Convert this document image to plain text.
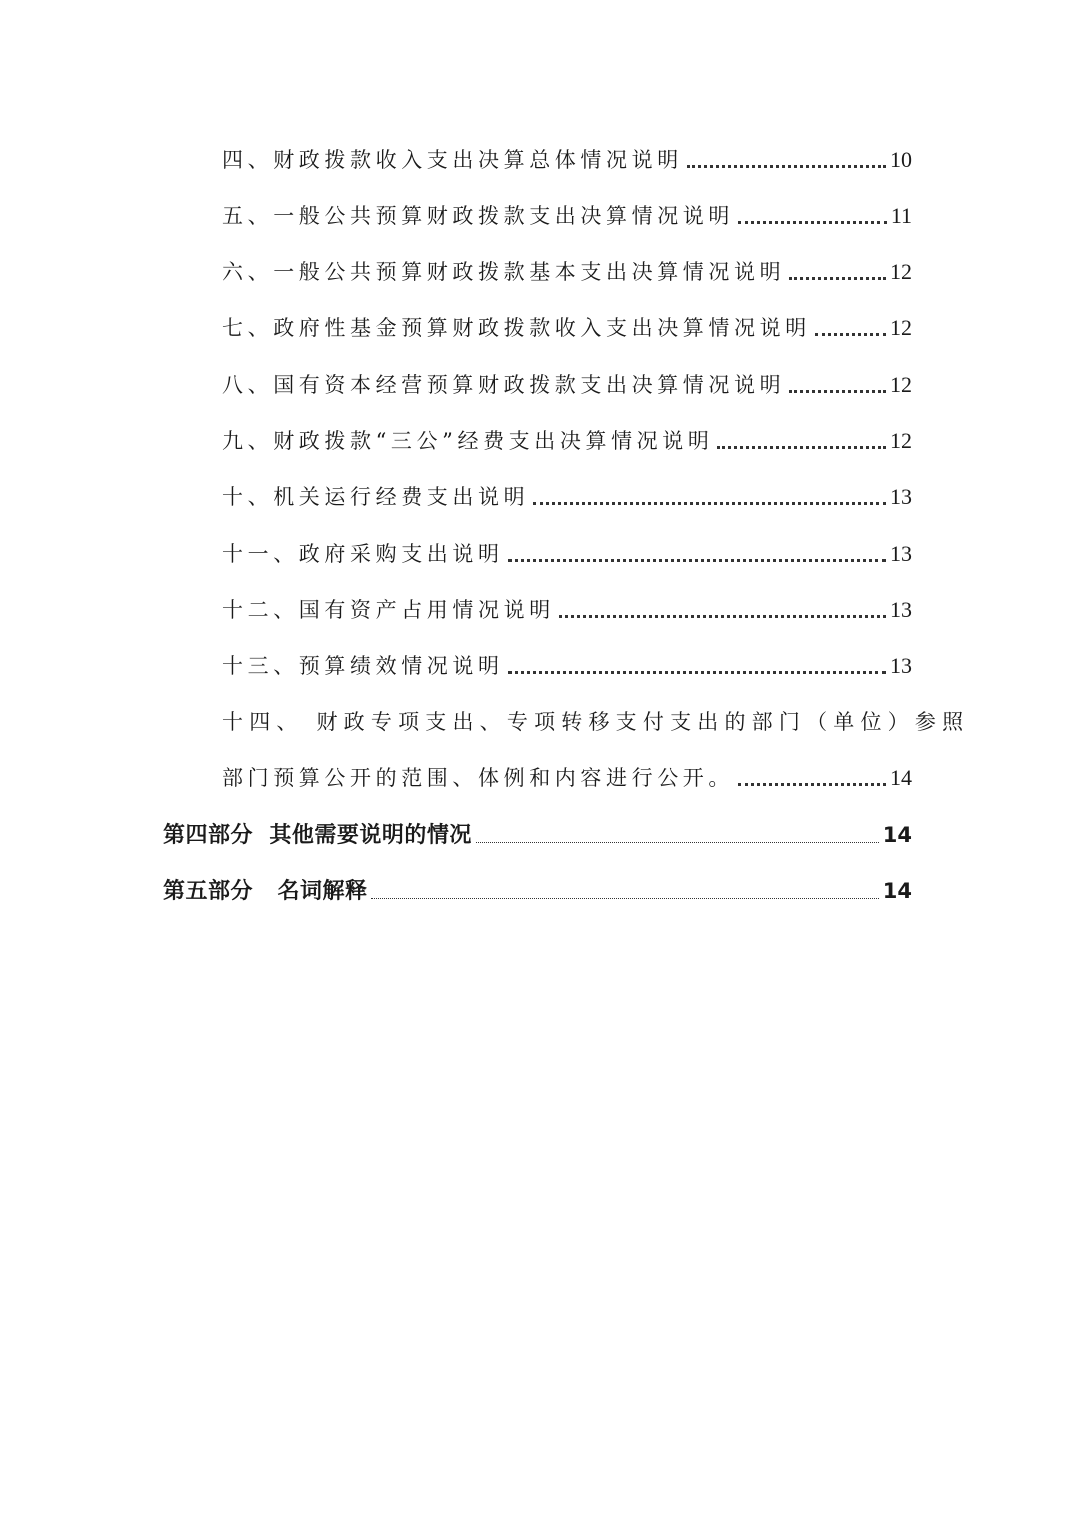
四、财政拨款收入支出决算总体情况说明	10
五、一般公共预算财政拨款支出决算情况说明	11
六、一般公共预算财政拨款基本支出决算情况说明	12
七、政府性基金预算财政拨款收入支出决算情况说明	12
八、国有资本经营预算财政拨款支出决算情况说明	12
九、财政拨款“三公”经费支出决算情况说明	12
十、机关运行经费支出说明	13
十一、政府采购支出说明	13
十二、国有资产占用情况说明	13
十三、预算绩效情况说明	13
十四、 财政专项支出、专项转移支付支出的部门（单位）参照
部门预算公开的范围、体例和内容进行公开。	14
第四部分  其他需要说明的情况	14
第五部分   名词解释	14
